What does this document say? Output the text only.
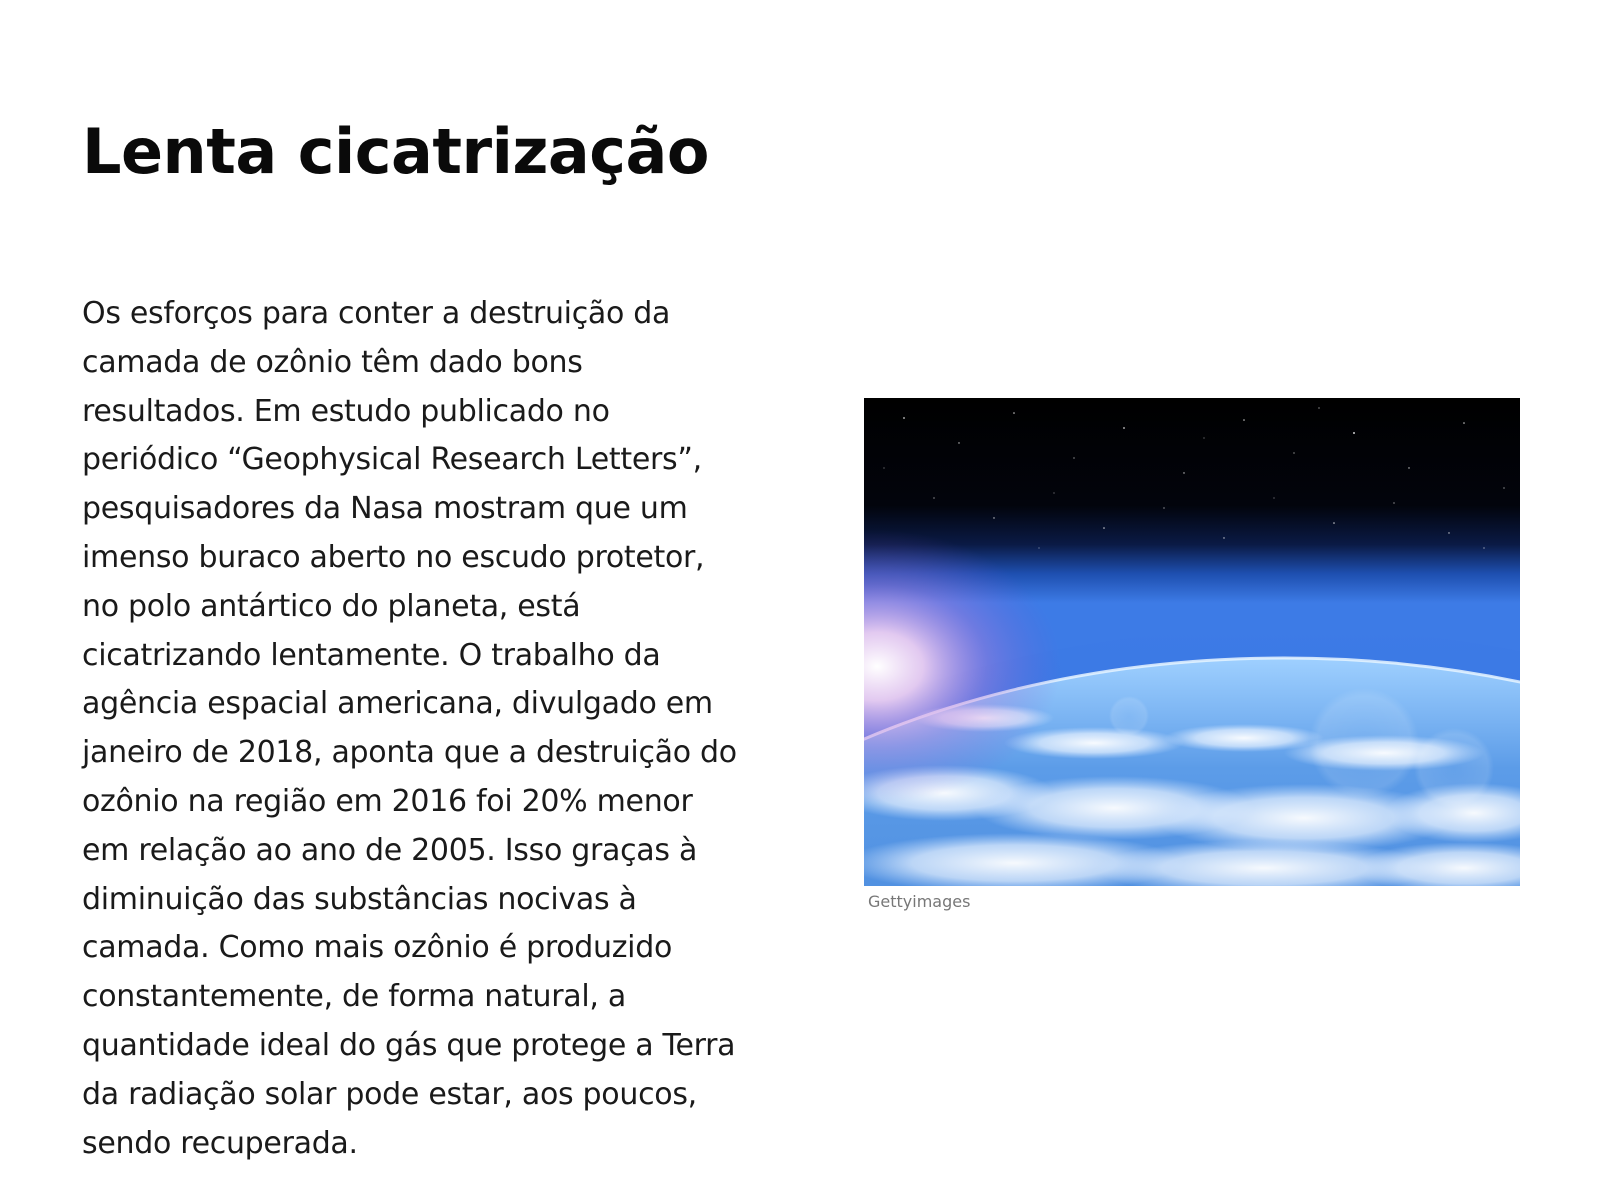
Lenta cicatrização

Os esforços para conter a destruição da
camada de ozônio têm dado bons
resultados. Em estudo publicado no
periódico “Geophysical Research Letters”,
pesquisadores da Nasa mostram que um
imenso buraco aberto no escudo protetor,
no polo antártico do planeta, está
cicatrizando lentamente. O trabalho da
agência espacial americana, divulgado em
janeiro de 2018, aponta que a destruição do
ozônio na região em 2016 foi 20% menor
em relação ao ano de 2005. Isso graças à
diminuição das substâncias nocivas à
camada. Como mais ozônio é produzido
constantemente, de forma natural, a
quantidade ideal do gás que protege a Terra
da radiação solar pode estar, aos poucos,
sendo recuperada.

Gettyimages
